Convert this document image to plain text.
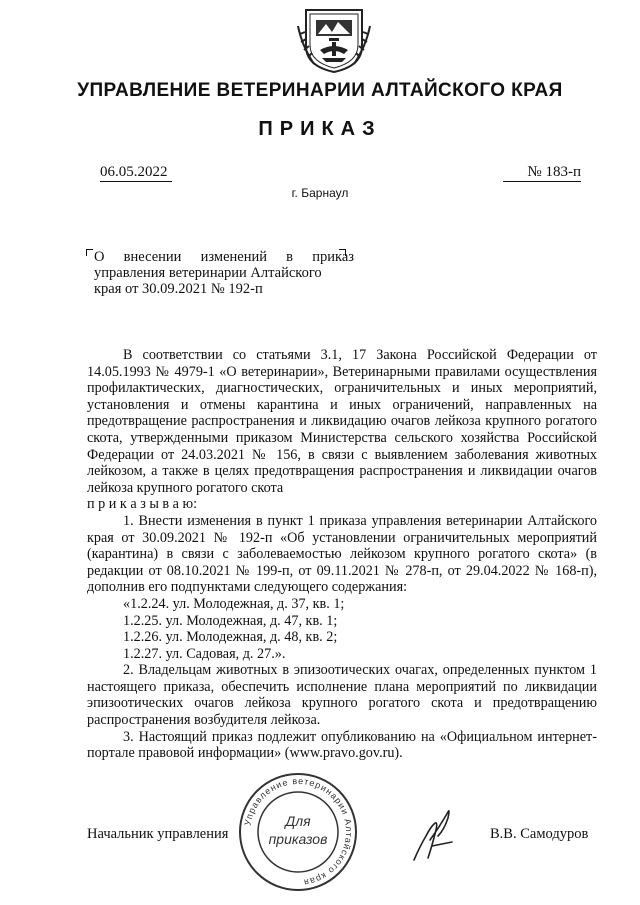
УПРАВЛЕНИЕ ВЕТЕРИНАРИИ АЛТАЙСКОГО КРАЯ
ПРИКАЗ
06.05.2022	№ 183-п
г. Барнаул
О внесении изменений в приказ
управления ветеринарии Алтайского
края от 30.09.2021 № 192-п

В соответствии со статьями 3.1, 17 Закона Российской Федерации от 14.05.1993 № 4979-1 «О ветеринарии», Ветеринарными правилами осуществления профилактических, диагностических, ограничительных и иных мероприятий, установления и отмены карантина и иных ограничений, направленных на предотвращение распространения и ликвидацию очагов лейкоза крупного рогатого скота, утвержденными приказом Министерства сельского хозяйства Российской Федерации от 24.03.2021 № 156, в связи с выявлением заболевания животных лейкозом, а также в целях предотвращения распространения и ликвидации очагов лейкоза крупного рогатого скота

п р и к а з ы в а ю:

1. Внести изменения в пункт 1 приказа управления ветеринарии Алтайского края от 30.09.2021 № 192-п «Об установлении ограничительных мероприятий (карантина) в связи с заболеваемостью лейкозом крупного рогатого скота» (в редакции от 08.10.2021 № 199-п, от 09.11.2021 № 278-п, от 29.04.2022 № 168-п), дополнив его подпунктами следующего содержания:

«1.2.24. ул. Молодежная, д. 37, кв. 1;

1.2.25. ул. Молодежная, д. 47, кв. 1;

1.2.26. ул. Молодежная, д. 48, кв. 2;

1.2.27. ул. Садовая, д. 27.».

2. Владельцам животных в эпизоотических очагах, определенных пунктом 1 настоящего приказа, обеспечить исполнение плана мероприятий по ликвидации эпизоотических очагов лейкоза крупного рогатого скота и предотвращению распространения возбудителя лейкоза.

3. Настоящий приказ подлежит опубликованию на «Официальном интернет-портале правовой информации» (www.pravo.gov.ru).

Управление ветеринарии Алтайского края
Для
приказов
Начальник управления	В.В. Самодуров
